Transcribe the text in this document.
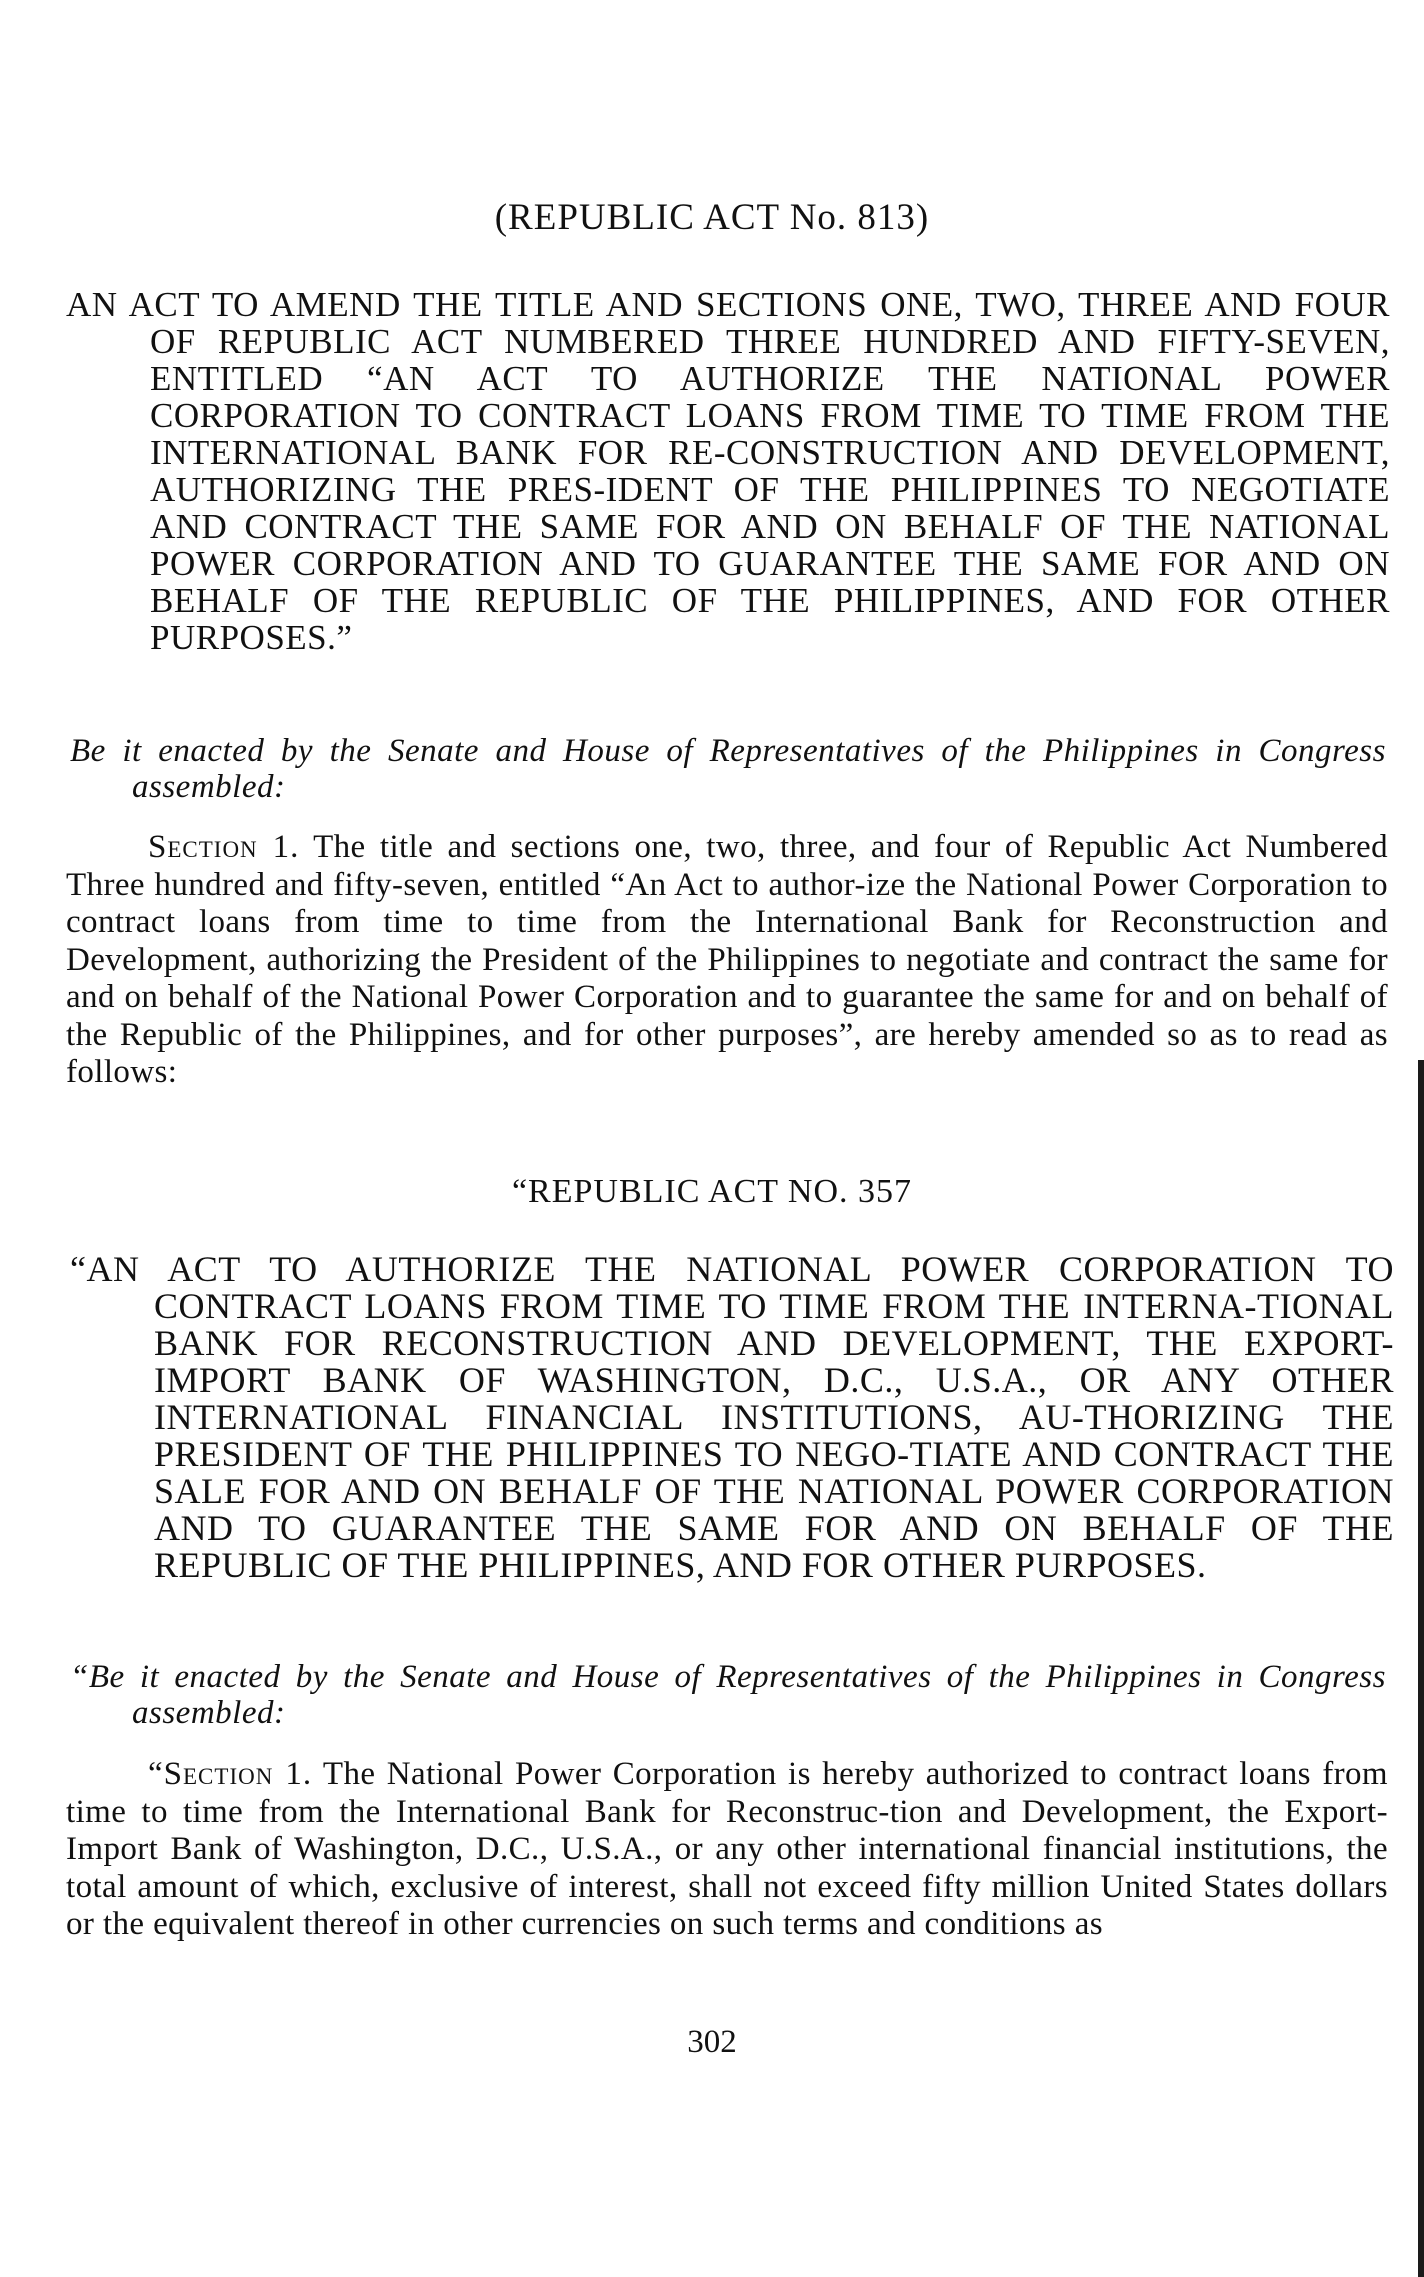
(REPUBLIC ACT No. 813)
AN ACT TO AMEND THE TITLE AND SECTIONS ONE, TWO, THREE AND FOUR OF REPUBLIC ACT NUMBERED THREE HUNDRED AND FIFTY-SEVEN, ENTITLED “AN ACT TO AUTHORIZE THE NATIONAL POWER CORPORATION TO CONTRACT LOANS FROM TIME TO TIME FROM THE INTERNATIONAL BANK FOR RE-CONSTRUCTION AND DEVELOPMENT, AUTHORIZING THE PRES-IDENT OF THE PHILIPPINES TO NEGOTIATE AND CONTRACT THE SAME FOR AND ON BEHALF OF THE NATIONAL POWER CORPORATION AND TO GUARANTEE THE SAME FOR AND ON BEHALF OF THE REPUBLIC OF THE PHILIPPINES, AND FOR OTHER PURPOSES.”
Be it enacted by the Senate and House of Representatives of the Philippines in Congress assembled:

Section 1. The title and sections one, two, three, and four of Republic Act Numbered Three hundred and fifty-seven, entitled “An Act to author-ize the National Power Corporation to contract loans from time to time from the International Bank for Reconstruction and Development, authorizing the President of the Philippines to negotiate and contract the same for and on behalf of the National Power Corporation and to guarantee the same for and on behalf of the Republic of the Philippines, and for other purposes”, are hereby amended so as to read as follows:

“REPUBLIC ACT NO. 357
“AN ACT TO AUTHORIZE THE NATIONAL POWER CORPORATION TO CONTRACT LOANS FROM TIME TO TIME FROM THE INTERNA-TIONAL BANK FOR RECONSTRUCTION AND DEVELOPMENT, THE EXPORT-IMPORT BANK OF WASHINGTON, D.C., U.S.A., OR ANY OTHER INTERNATIONAL FINANCIAL INSTITUTIONS, AU-THORIZING THE PRESIDENT OF THE PHILIPPINES TO NEGO-TIATE AND CONTRACT THE SALE FOR AND ON BEHALF OF THE NATIONAL POWER CORPORATION AND TO GUARANTEE THE SAME FOR AND ON BEHALF OF THE REPUBLIC OF THE PHILIPPINES, AND FOR OTHER PURPOSES.
“Be it enacted by the Senate and House of Representatives of the Philippines in Congress assembled:

“Section 1. The National Power Corporation is hereby authorized to contract loans from time to time from the International Bank for Reconstruc-tion and Development, the Export-Import Bank of Washington, D.C., U.S.A., or any other international financial institutions, the total amount of which, exclusive of interest, shall not exceed fifty million United States dollars or the equivalent thereof in other currencies on such terms and conditions as

302
